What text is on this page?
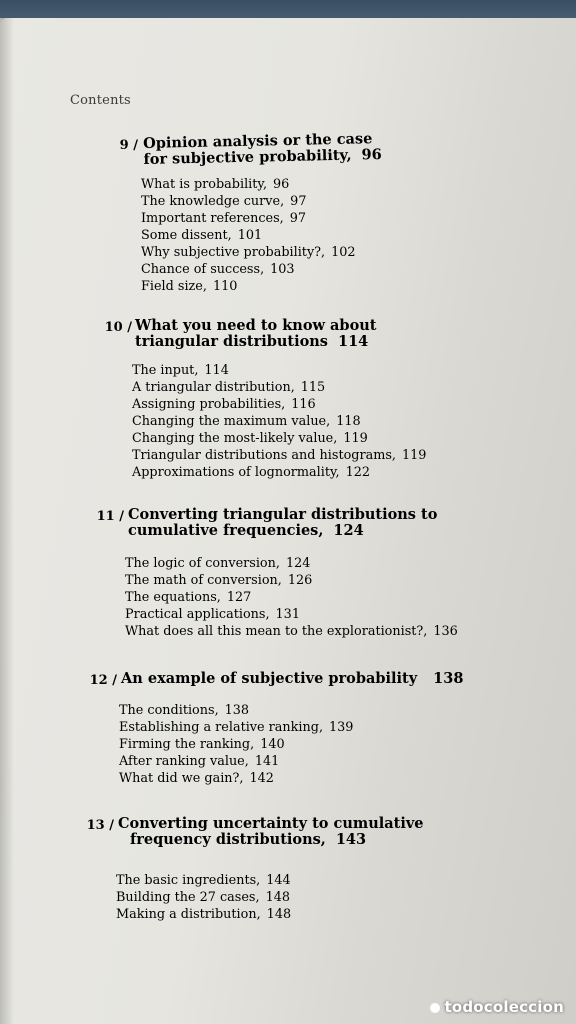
Contents
9 / Opinion analysis or the case
for subjective probability, 96
What is probability, 96
The knowledge curve, 97
Important references, 97
Some dissent, 101
Why subjective probability?, 102
Chance of success, 103
Field size, 110
10 / What you need to know about
triangular distributions 114
The input, 114
A triangular distribution, 115
Assigning probabilities, 116
Changing the maximum value, 118
Changing the most-likely value, 119
Triangular distributions and histograms, 119
Approximations of lognormality, 122
11 / Converting triangular distributions to
cumulative frequencies, 124
The logic of conversion, 124
The math of conversion, 126
The equations, 127
Practical applications, 131
What does all this mean to the explorationist?, 136
12 / An example of subjective probability 138
The conditions, 138
Establishing a relative ranking, 139
Firming the ranking, 140
After ranking value, 141
What did we gain?, 142
13 / Converting uncertainty to cumulative
frequency distributions, 143
The basic ingredients, 144
Building the 27 cases, 148
Making a distribution, 148
todocoleccion
